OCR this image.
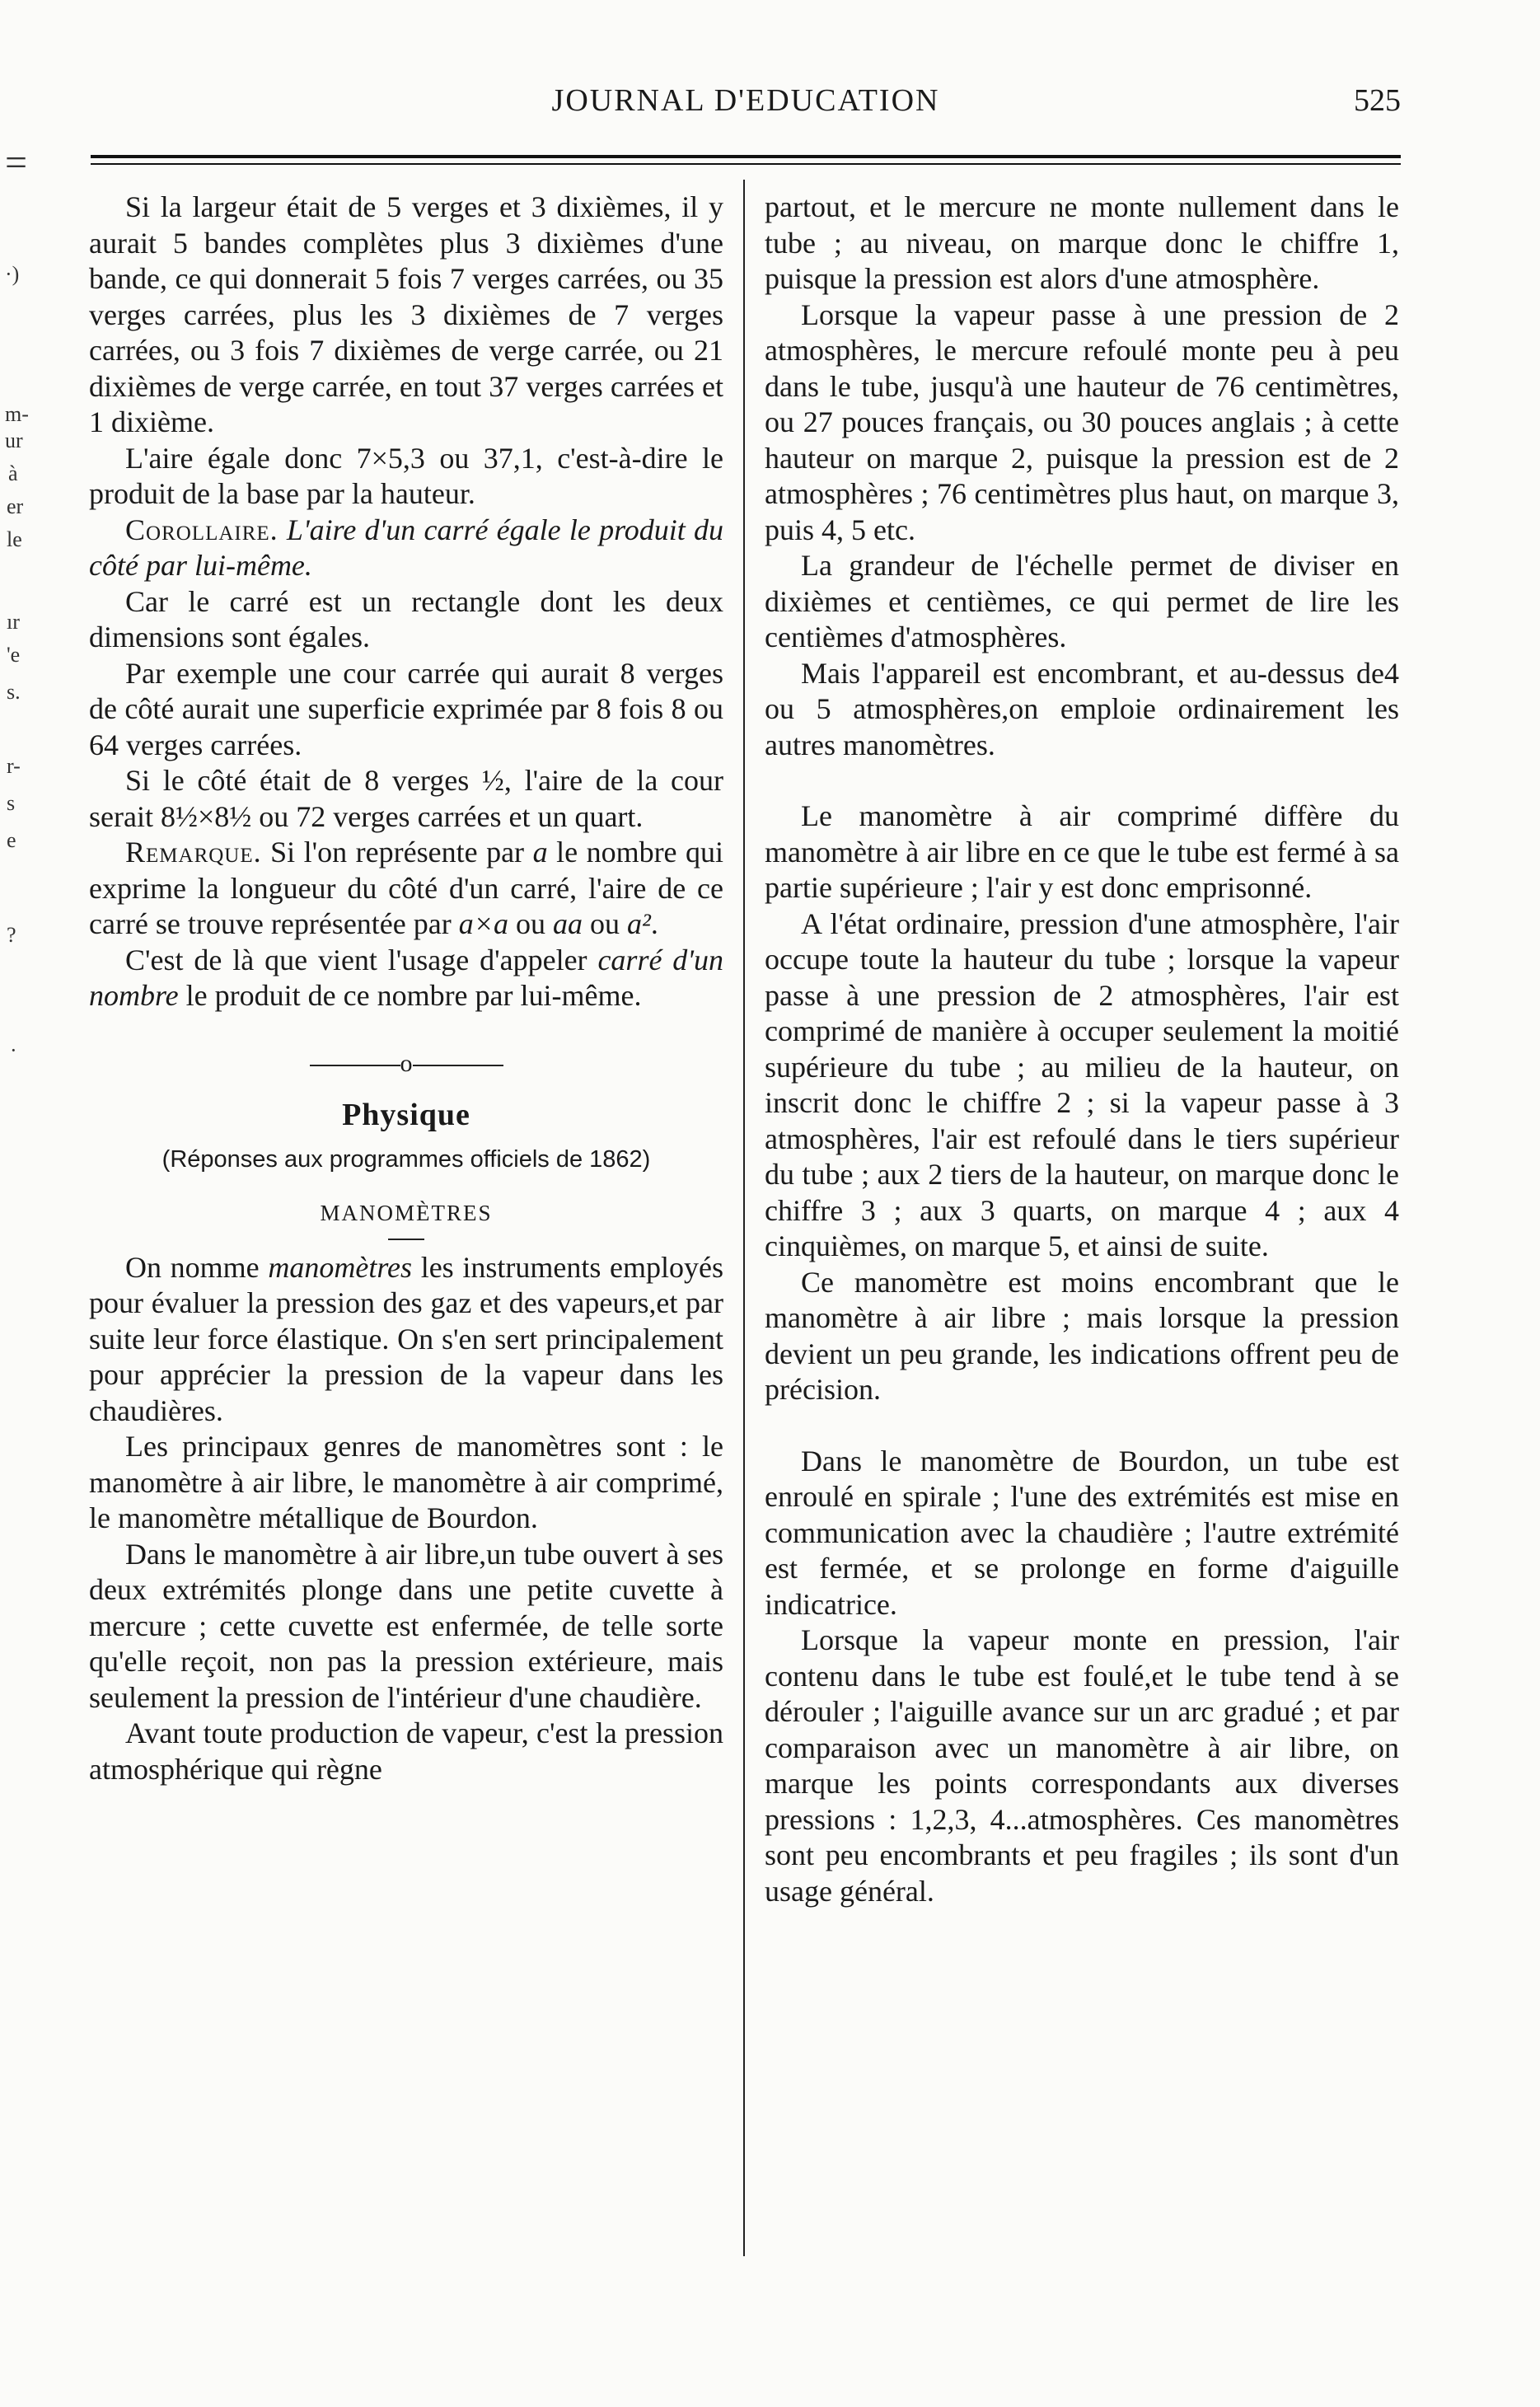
=
·)
m-
ur
à
er
le
ır
'e
s.
r-
s
e
?
·
JOURNAL D'EDUCATION	525

Si la largeur était de 5 verges et 3 dixièmes, il y aurait 5 bandes complètes plus 3 dixièmes d'une bande, ce qui donnerait 5 fois 7 verges carrées, ou 35 verges carrées, plus les 3 dixièmes de 7 verges carrées, ou 3 fois 7 dixièmes de verge carrée, ou 21 dixièmes de verge carrée, en tout 37 verges carrées et 1 dixième.

L'aire égale donc 7×5,3 ou 37,1, c'est-à-dire le produit de la base par la hauteur.

Corollaire. L'aire d'un carré égale le produit du côté par lui-même.

Car le carré est un rectangle dont les deux dimensions sont égales.

Par exemple une cour carrée qui aurait 8 verges de côté aurait une superficie exprimée par 8 fois 8 ou 64 verges carrées.

Si le côté était de 8 verges ½, l'aire de la cour serait 8½×8½ ou 72 verges carrées et un quart.

Remarque. Si l'on représente par a le nombre qui exprime la longueur du côté d'un carré, l'aire de ce carré se trouve représentée par a×a ou aa ou a².

C'est de là que vient l'usage d'appeler carré d'un nombre le produit de ce nombre par lui-même.

o
Physique
(Réponses aux programmes officiels de 1862)
MANOMÈTRES

On nomme manomètres les instruments employés pour évaluer la pression des gaz et des vapeurs,et par suite leur force élastique. On s'en sert principalement pour apprécier la pression de la vapeur dans les chaudières.

Les principaux genres de manomètres sont : le manomètre à air libre, le manomètre à air comprimé, le manomètre métallique de Bourdon.

Dans le manomètre à air libre,un tube ouvert à ses deux extrémités plonge dans une petite cuvette à mercure ; cette cuvette est enfermée, de telle sorte qu'elle reçoit, non pas la pression extérieure, mais seulement la pression de l'intérieur d'une chaudière.

Avant toute production de vapeur, c'est la pression atmosphérique qui règne

partout, et le mercure ne monte nullement dans le tube ; au niveau, on marque donc le chiffre 1, puisque la pression est alors d'une atmosphère.

Lorsque la vapeur passe à une pression de 2 atmosphères, le mercure refoulé monte peu à peu dans le tube, jusqu'à une hauteur de 76 centimètres, ou 27 pouces français, ou 30 pouces anglais ; à cette hauteur on marque 2, puisque la pression est de 2 atmosphères ; 76 centimètres plus haut, on marque 3, puis 4, 5 etc.

La grandeur de l'échelle permet de diviser en dixièmes et centièmes, ce qui permet de lire les centièmes d'atmosphères.

Mais l'appareil est encombrant, et au-dessus de4 ou 5 atmosphères,on emploie ordinairement les autres manomètres.

Le manomètre à air comprimé diffère du manomètre à air libre en ce que le tube est fermé à sa partie supérieure ; l'air y est donc emprisonné.

A l'état ordinaire, pression d'une atmosphère, l'air occupe toute la hauteur du tube ; lorsque la vapeur passe à une pression de 2 atmosphères, l'air est comprimé de manière à occuper seulement la moitié supérieure du tube ; au milieu de la hauteur, on inscrit donc le chiffre 2 ; si la vapeur passe à 3 atmosphères, l'air est refoulé dans le tiers supérieur du tube ; aux 2 tiers de la hauteur, on marque donc le chiffre 3 ; aux 3 quarts, on marque 4 ; aux 4 cinquièmes, on marque 5, et ainsi de suite.

Ce manomètre est moins encombrant que le manomètre à air libre ; mais lorsque la pression devient un peu grande, les indications offrent peu de précision.

Dans le manomètre de Bourdon, un tube est enroulé en spirale ; l'une des extrémités est mise en communication avec la chaudière ; l'autre extrémité est fermée, et se prolonge en forme d'aiguille indicatrice.

Lorsque la vapeur monte en pression, l'air contenu dans le tube est foulé,et le tube tend à se dérouler ; l'aiguille avance sur un arc gradué ; et par comparaison avec un manomètre à air libre, on marque les points correspondants aux diverses pressions : 1,2,3, 4...atmosphères. Ces manomètres sont peu encombrants et peu fragiles ; ils sont d'un usage général.
